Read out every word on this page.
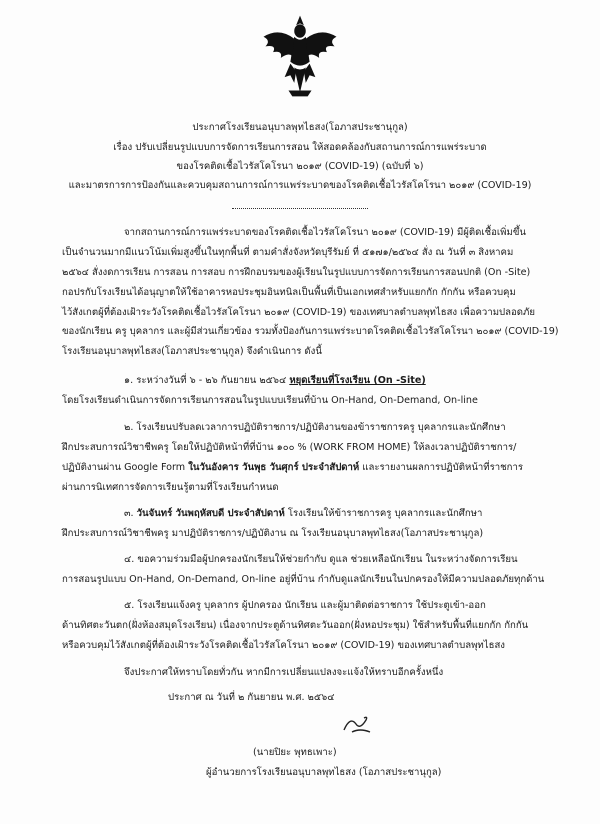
ประกาศโรงเรียนอนุบาลพุทไธสง(โอภาสประชานุกูล)
เรื่อง ปรับเปลี่ยนรูปแบบการจัดการเรียนการสอน ให้สอดคล้องกับสถานการณ์การแพร่ระบาด
ของโรคติดเชื้อไวรัสโคโรนา ๒๐๑๙ (COVID-19) (ฉบับที่ ๖)
และมาตรการการป้องกันและควบคุมสถานการณ์การแพร่ระบาดของโรคติดเชื้อไวรัสโคโรนา ๒๐๑๙ (COVID-19)
จากสถานการณ์การแพร่ระบาดของโรคติดเชื้อไวรัสโคโรนา ๒๐๑๙ (COVID-19) มีผู้ติดเชื้อเพิ่มขึ้น
เป็นจำนวนมากมีแนวโน้มเพิ่มสูงขึ้นในทุกพื้นที่ ตามคำสั่งจังหวัดบุรีรัมย์ ที่ ๕๑๗๑/๒๕๖๔ สั่ง ณ วันที่ ๓ สิงหาคม
๒๕๖๔ สั่งงดการเรียน การสอน การสอบ การฝึกอบรมของผู้เรียนในรูปแบบการจัดการเรียนการสอนปกติ (On -Site)
กอปรกับโรงเรียนได้อนุญาตให้ใช้อาคารหอประชุมอินทนิลเป็นพื้นที่เป็นเอกเทศสำหรับแยกกัก กักกัน หรือควบคุม
ไว้สังเกตผู้ที่ต้องเฝ้าระวังโรคติดเชื้อไวรัสโคโรนา ๒๐๑๙ (COVID-19) ของเทศบาลตำบลพุทไธสง เพื่อความปลอดภัย
ของนักเรียน ครู บุคลากร และผู้มีส่วนเกี่ยวข้อง รวมทั้งป้องกันการแพร่ระบาดโรคติดเชื้อไวรัสโคโรนา ๒๐๑๙ (COVID-19)
โรงเรียนอนุบาลพุทไธสง(โอภาสประชานุกูล) จึงดำเนินการ ดังนี้
๑. ระหว่างวันที่ ๖ - ๒๖ กันยายน ๒๕๖๔ หยุดเรียนที่โรงเรียน (On -Site)
โดยโรงเรียนดำเนินการจัดการเรียนการสอนในรูปแบบเรียนที่บ้าน On-Hand, On-Demand, On-line
๒. โรงเรียนปรับลดเวลาการปฏิบัติราชการ/ปฏิบัติงานของข้าราชการครู บุคลากรและนักศึกษา
ฝึกประสบการณ์วิชาชีพครู โดยให้ปฏิบัติหน้าที่ที่บ้าน ๑๐๐ % (WORK FROM HOME) ให้ลงเวลาปฏิบัติราชการ/
ปฏิบัติงานผ่าน Google Form ในวันอังคาร วันพุธ วันศุกร์ ประจำสัปดาห์ และรายงานผลการปฏิบัติหน้าที่ราชการ
ผ่านการนิเทศการจัดการเรียนรู้ตามที่โรงเรียนกำหนด
๓. วันจันทร์ วันพฤหัสบดี ประจำสัปดาห์ โรงเรียนให้ข้าราชการครู บุคลากรและนักศึกษา
ฝึกประสบการณ์วิชาชีพครู มาปฏิบัติราชการ/ปฏิบัติงาน ณ โรงเรียนอนุบาลพุทไธสง(โอภาสประชานุกูล)
๔. ขอความร่วมมือผู้ปกครองนักเรียนให้ช่วยกำกับ ดูแล ช่วยเหลือนักเรียน ในระหว่างจัดการเรียน
การสอนรูปแบบ On-Hand, On-Demand, On-line อยู่ที่บ้าน กำกับดูแลนักเรียนในปกครองให้มีความปลอดภัยทุกด้าน
๕. โรงเรียนแจ้งครู บุคลากร ผู้ปกครอง นักเรียน และผู้มาติดต่อราชการ ใช้ประตูเข้า-ออก
ด้านทิศตะวันตก(ฝั่งห้องสมุดโรงเรียน) เนื่องจากประตูด้านทิศตะวันออก(ฝั่งหอประชุม) ใช้สำหรับพื้นที่แยกกัก กักกัน
หรือควบคุมไว้สังเกตผู้ที่ต้องเฝ้าระวังโรคติดเชื้อไวรัสโคโรนา ๒๐๑๙ (COVID-19) ของเทศบาลตำบลพุทไธสง
จึงประกาศให้ทราบโดยทั่วกัน หากมีการเปลี่ยนแปลงจะแจ้งให้ทราบอีกครั้งหนึ่ง
ประกาศ ณ วันที่ ๒ กันยายน พ.ศ. ๒๕๖๔
(นายปิยะ พุทธเพาะ)
ผู้อำนวยการโรงเรียนอนุบาลพุทไธสง (โอภาสประชานุกูล)
